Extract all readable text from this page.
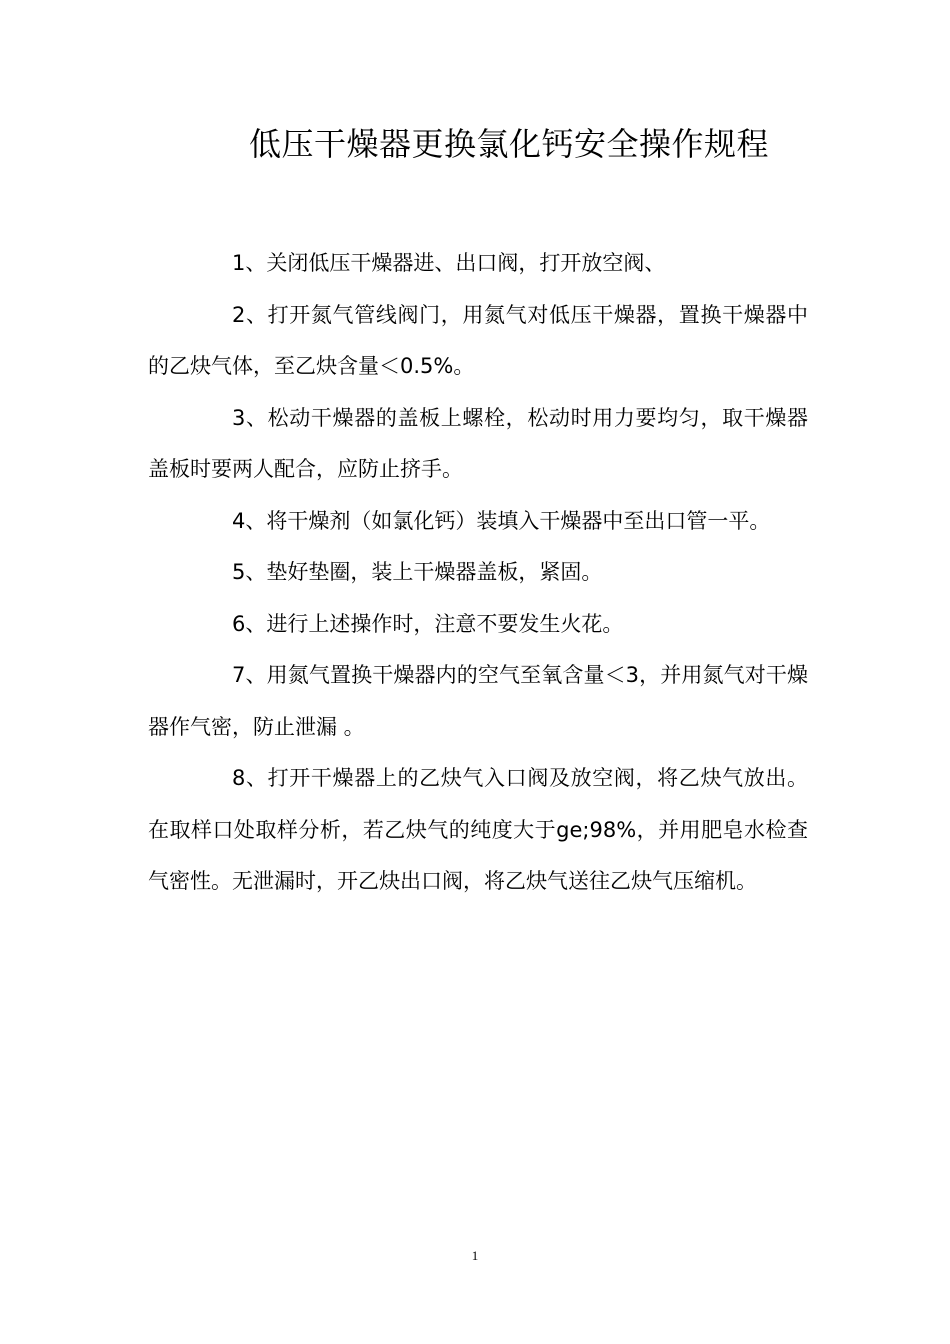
低压干燥器更换氯化钙安全操作规程

1、关闭低压干燥器进、出口阀，打开放空阀、

2、打开氮气管线阀门，用氮气对低压干燥器，置换干燥器中的乙炔气体，至乙炔含量＜0.5%。

3、松动干燥器的盖板上螺栓，松动时用力要均匀，取干燥器盖板时要两人配合，应防止挤手。

4、将干燥剂（如氯化钙）装填入干燥器中至出口管一平。

5、垫好垫圈，装上干燥器盖板，紧固。

6、进行上述操作时，注意不要发生火花。

7、用氮气置换干燥器内的空气至氧含量＜3，并用氮气对干燥器作气密，防止泄漏 。

8、打开干燥器上的乙炔气入口阀及放空阀，将乙炔气放出。在取样口处取样分析，若乙炔气的纯度大于ge;98%，并用肥皂水检查气密性。无泄漏时，开乙炔出口阀，将乙炔气送往乙炔气压缩机。

1
